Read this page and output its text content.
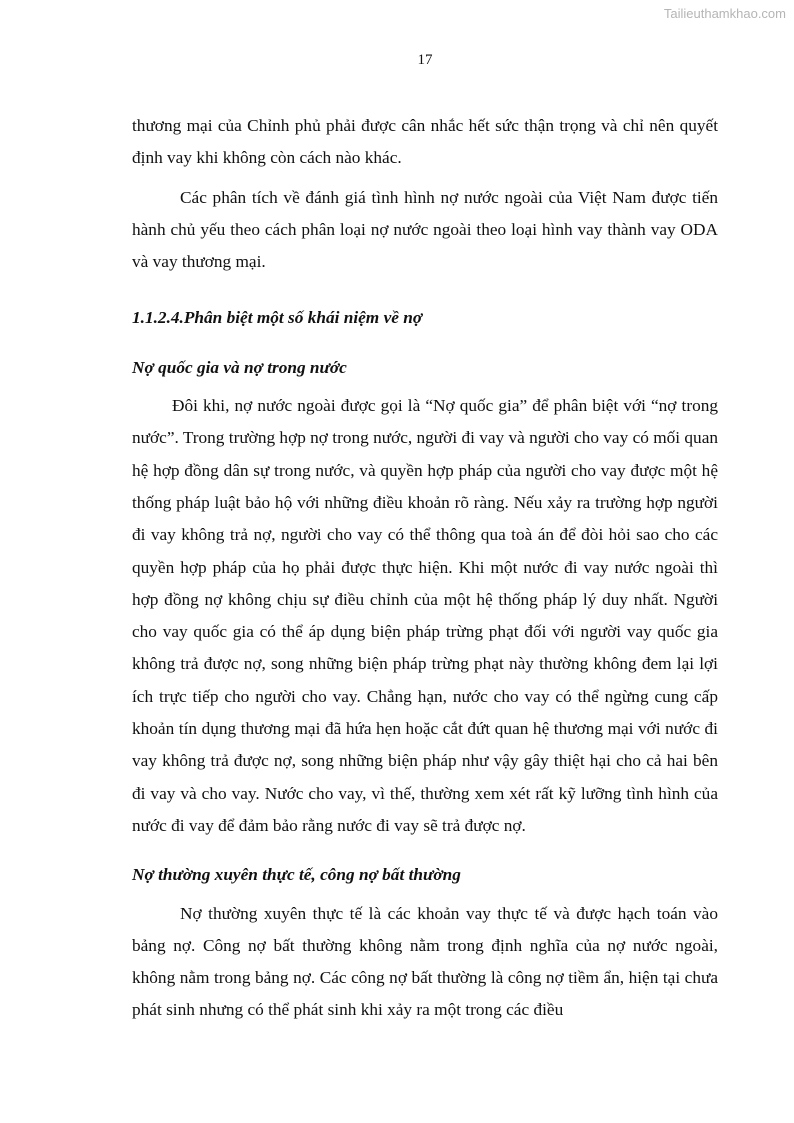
Tailieuthamkhao.com
17

thương mại của Chỉnh phủ phải được cân nhắc hết sức thận trọng và chỉ nên quyết định vay khi không còn cách nào khác.

Các phân tích về đánh giá tình hình nợ nước ngoài của Việt Nam được tiến hành chủ yếu theo cách phân loại nợ nước ngoài theo loại hình vay thành vay ODA và vay thương mại.

1.1.2.4.Phân biệt một số khái niệm về nợ

Nợ quốc gia và nợ trong nước

Đôi khi, nợ nước ngoài được gọi là “Nợ quốc gia” để phân biệt với “nợ trong nước”. Trong trường hợp nợ trong nước, người đi vay và người cho vay có mối quan hệ hợp đồng dân sự trong nước, và quyền hợp pháp của người cho vay được một hệ thống pháp luật bảo hộ với những điều khoản rõ ràng. Nếu xảy ra trường hợp người đi vay không trả nợ, người cho vay có thể thông qua toà án để đòi hỏi sao cho các quyền hợp pháp của họ phải được thực hiện. Khi một nước đi vay nước ngoài thì hợp đồng nợ không chịu sự điều chỉnh của một hệ thống pháp lý duy nhất. Người cho vay quốc gia có thể áp dụng biện pháp trừng phạt đối với người vay quốc gia không trả được nợ, song những biện pháp trừng phạt này thường không đem lại lợi ích trực tiếp cho người cho vay. Chẳng hạn, nước cho vay có thể ngừng cung cấp khoản tín dụng thương mại đã hứa hẹn hoặc cắt đứt quan hệ thương mại với nước đi vay không trả được nợ, song những biện pháp như vậy gây thiệt hại cho cả hai bên đi vay và cho vay. Nước cho vay, vì thế, thường xem xét rất kỹ lưỡng tình hình của nước đi vay để đảm bảo rằng nước đi vay sẽ trả được nợ.

Nợ thường xuyên thực tế, công nợ bất thường

Nợ thường xuyên thực tế là các khoản vay thực tế và được hạch toán vào bảng nợ. Công nợ bất thường không nằm trong định nghĩa của nợ nước ngoài, không nằm trong bảng nợ. Các công nợ bất thường là công nợ tiềm ẩn, hiện tại chưa phát sinh nhưng có thể phát sinh khi xảy ra một trong các điều
